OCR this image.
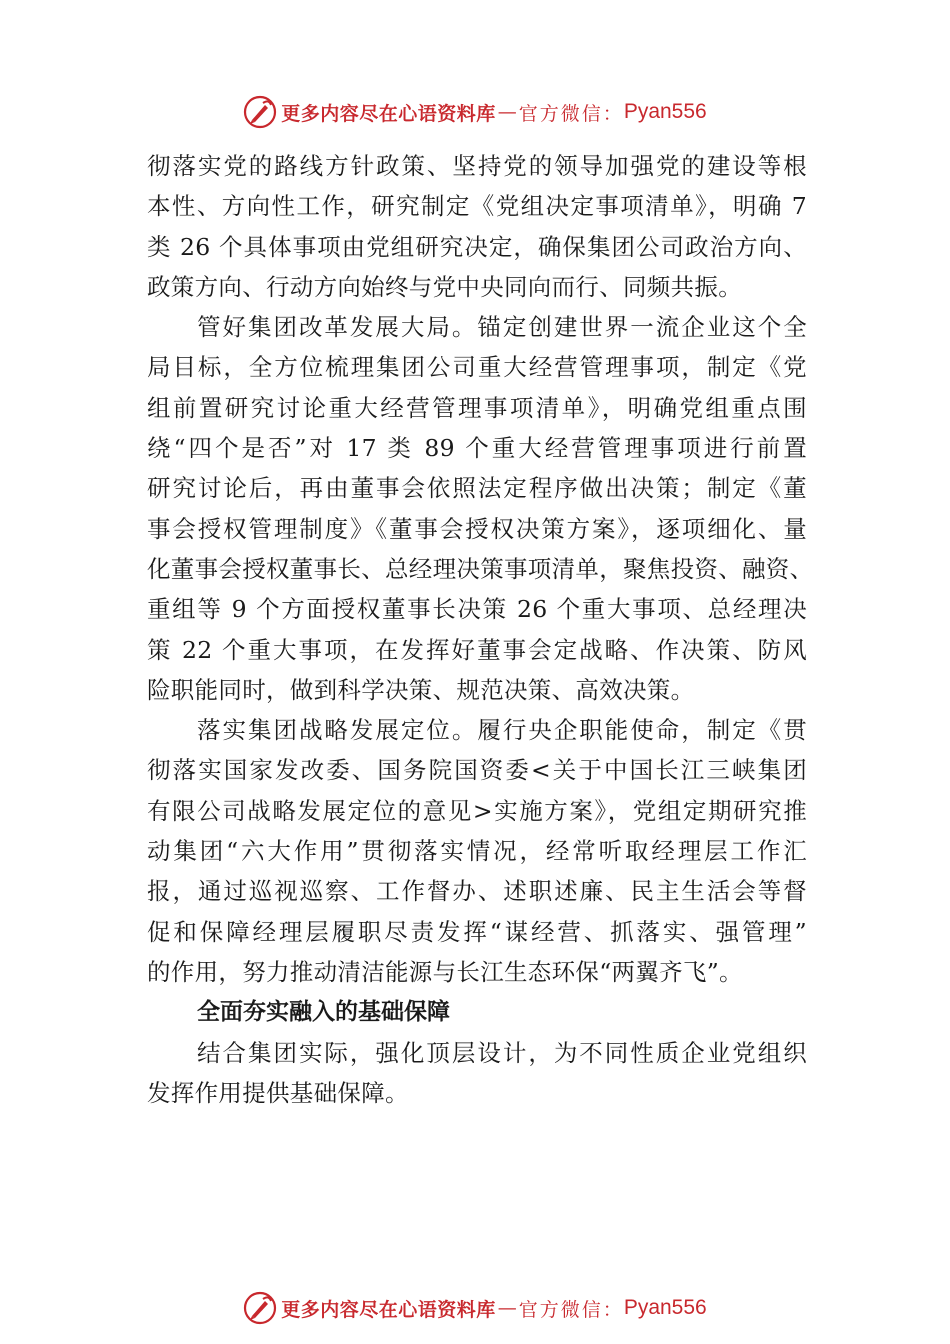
更多内容尽在心语资料库 — 官方微信： Pyan556
彻落实党的路线方针政策、坚持党的领导加强党的建设等根
本性、方向性工作，研究制定《党组决定事项清单》，明确 7
类 26 个具体事项由党组研究决定，确保集团公司政治方向、
政策方向、行动方向始终与党中央同向而行、同频共振。
管好集团改革发展大局。锚定创建世界一流企业这个全
局目标，全方位梳理集团公司重大经营管理事项，制定《党
组前置研究讨论重大经营管理事项清单》，明确党组重点围
绕“四个是否”对 17 类 89 个重大经营管理事项进行前置
研究讨论后，再由董事会依照法定程序做出决策；制定《董
事会授权管理制度》《董事会授权决策方案》，逐项细化、量
化董事会授权董事长、总经理决策事项清单，聚焦投资、融资、
重组等 9 个方面授权董事长决策 26 个重大事项、总经理决
策 22 个重大事项，在发挥好董事会定战略、作决策、防风
险职能同时，做到科学决策、规范决策、高效决策。
落实集团战略发展定位。履行央企职能使命，制定《贯
彻落实国家发改委、国务院国资委<关于中国长江三峡集团
有限公司战略发展定位的意见>实施方案》，党组定期研究推
动集团“六大作用”贯彻落实情况，经常听取经理层工作汇
报，通过巡视巡察、工作督办、述职述廉、民主生活会等督
促和保障经理层履职尽责发挥“谋经营、抓落实、强管理”
的作用，努力推动清洁能源与长江生态环保“两翼齐飞”。
全面夯实融入的基础保障
结合集团实际，强化顶层设计，为不同性质企业党组织
发挥作用提供基础保障。
更多内容尽在心语资料库 — 官方微信： Pyan556
